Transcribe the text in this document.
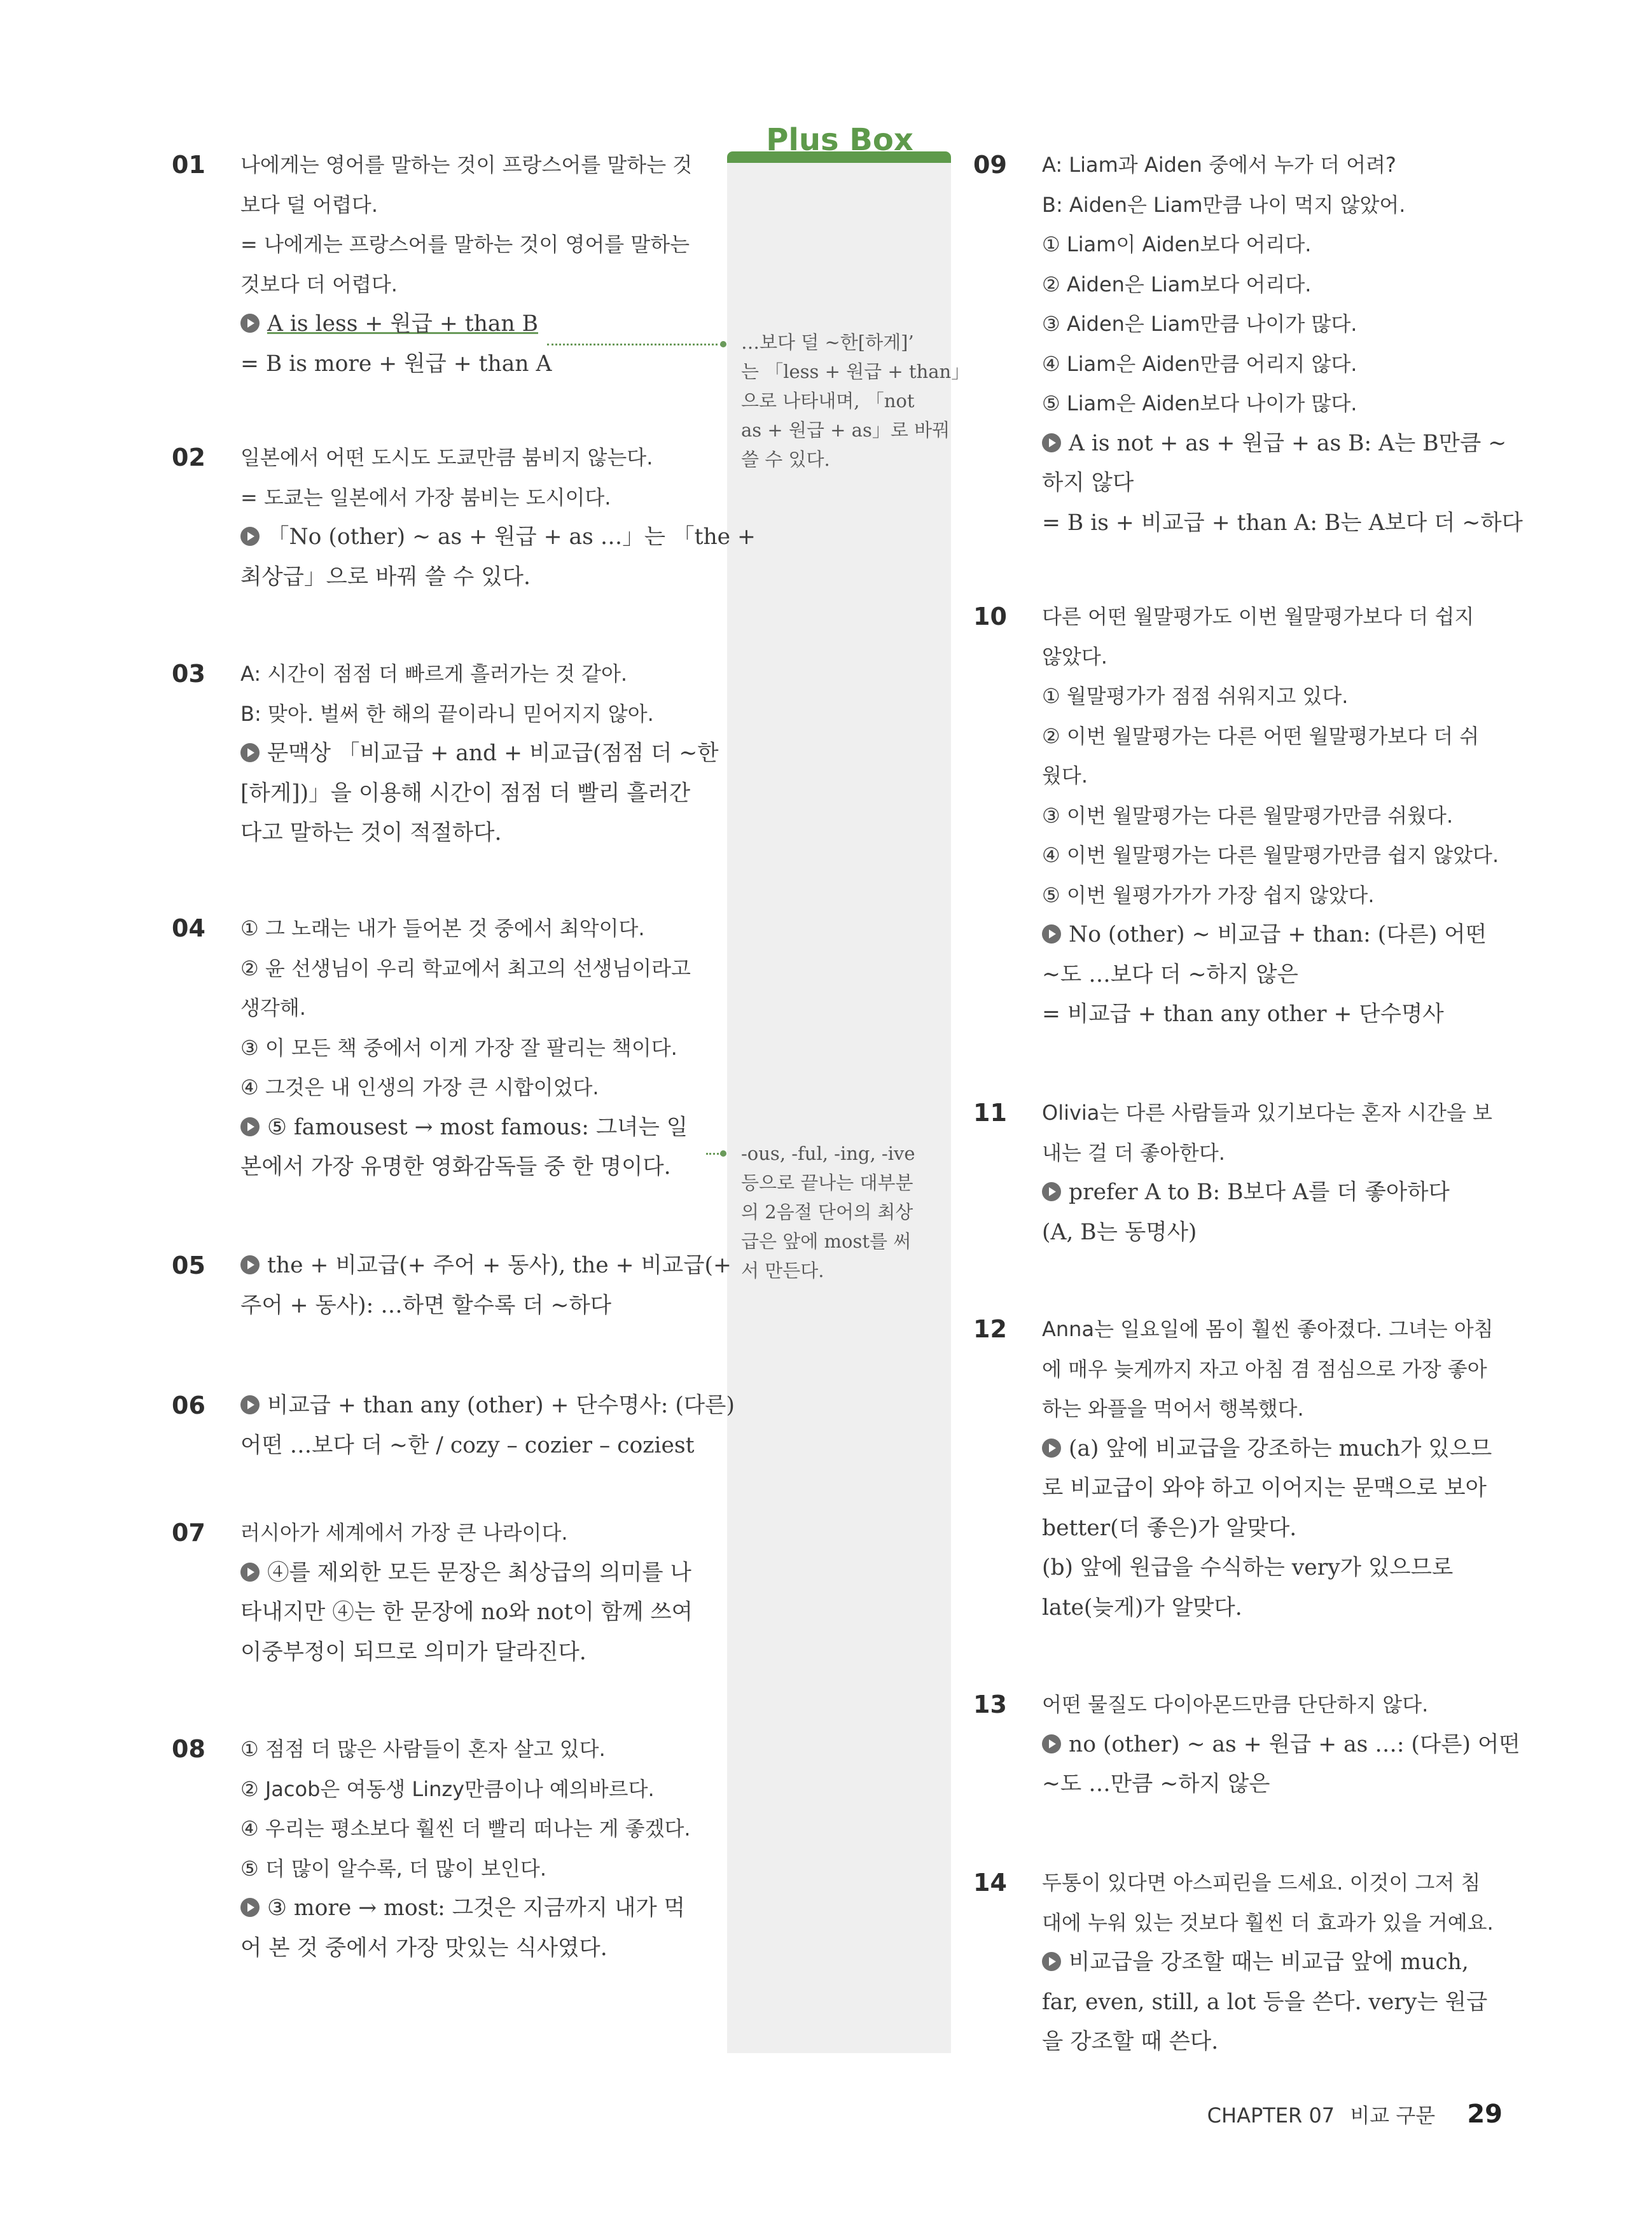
Plus Box
…보다 덜 ~한[하게]’
는 「less + 원급 + than」
으로 나타내며, 「not
as + 원급 + as」로 바꿔
쓸 수 있다.
-ous, -ful, -ing, -ive
등으로 끝나는 대부분
의 2음절 단어의 최상
급은 앞에 most를 써
서 만든다.
CHAPTER 07 비교 구문 29
01 나에게는 영어를 말하는 것이 프랑스어를 말하는 것
보다 덜 어렵다.
= 나에게는 프랑스어를 말하는 것이 영어를 말하는
것보다 더 어렵다.
A is less + 원급 + than B
= B is more + 원급 + than A
02 일본에서 어떤 도시도 도쿄만큼 붐비지 않는다.
= 도쿄는 일본에서 가장 붐비는 도시이다.
「No (other) ~ as + 원급 + as …」는 「the +
최상급」으로 바꿔 쓸 수 있다.
03 A: 시간이 점점 더 빠르게 흘러가는 것 같아.
B: 맞아. 벌써 한 해의 끝이라니 믿어지지 않아.
문맥상 「비교급 + and + 비교급(점점 더 ~한
[하게])」을 이용해 시간이 점점 더 빨리 흘러간
다고 말하는 것이 적절하다.
04 ① 그 노래는 내가 들어본 것 중에서 최악이다.
② 윤 선생님이 우리 학교에서 최고의 선생님이라고
생각해.
③ 이 모든 책 중에서 이게 가장 잘 팔리는 책이다.
④ 그것은 내 인생의 가장 큰 시합이었다.
⑤ famousest → most famous: 그녀는 일
본에서 가장 유명한 영화감독들 중 한 명이다.
05	the + 비교급(+ 주어 + 동사), the + 비교급(+
주어 + 동사): …하면 할수록 더 ~하다
06	비교급 + than any (other) + 단수명사: (다른)
어떤 …보다 더 ~한 / cozy – cozier – coziest
07 러시아가 세계에서 가장 큰 나라이다.
④를 제외한 모든 문장은 최상급의 의미를 나
타내지만 ④는 한 문장에 no와 not이 함께 쓰여
이중부정이 되므로 의미가 달라진다.
08 ① 점점 더 많은 사람들이 혼자 살고 있다.
② Jacob은 여동생 Linzy만큼이나 예의바르다.
④ 우리는 평소보다 훨씬 더 빨리 떠나는 게 좋겠다.
⑤ 더 많이 알수록, 더 많이 보인다.
③ more → most: 그것은 지금까지 내가 먹
어 본 것 중에서 가장 맛있는 식사였다.
09 A: Liam과 Aiden 중에서 누가 더 어려?
B: Aiden은 Liam만큼 나이 먹지 않았어.
① Liam이 Aiden보다 어리다.
② Aiden은 Liam보다 어리다.
③ Aiden은 Liam만큼 나이가 많다.
④ Liam은 Aiden만큼 어리지 않다.
⑤ Liam은 Aiden보다 나이가 많다.
A is not + as + 원급 + as B: A는 B만큼 ~
하지 않다
= B is + 비교급 + than A: B는 A보다 더 ~하다
10 다른 어떤 월말평가도 이번 월말평가보다 더 쉽지
않았다.
① 월말평가가 점점 쉬워지고 있다.
② 이번 월말평가는 다른 어떤 월말평가보다 더 쉬
웠다.
③ 이번 월말평가는 다른 월말평가만큼 쉬웠다.
④ 이번 월말평가는 다른 월말평가만큼 쉽지 않았다.
⑤ 이번 월평가가가 가장 쉽지 않았다.
No (other) ~ 비교급 + than: (다른) 어떤
~도 …보다 더 ~하지 않은
= 비교급 + than any other + 단수명사
11 Olivia는 다른 사람들과 있기보다는 혼자 시간을 보
내는 걸 더 좋아한다.
prefer A to B: B보다 A를 더 좋아하다
(A, B는 동명사)
12 Anna는 일요일에 몸이 훨씬 좋아졌다. 그녀는 아침
에 매우 늦게까지 자고 아침 겸 점심으로 가장 좋아
하는 와플을 먹어서 행복했다.
(a) 앞에 비교급을 강조하는 much가 있으므
로 비교급이 와야 하고 이어지는 문맥으로 보아
better(더 좋은)가 알맞다.
(b) 앞에 원급을 수식하는 very가 있으므로
late(늦게)가 알맞다.
13 어떤 물질도 다이아몬드만큼 단단하지 않다.
no (other) ~ as + 원급 + as …: (다른) 어떤
~도 …만큼 ~하지 않은
14 두통이 있다면 아스피린을 드세요. 이것이 그저 침
대에 누워 있는 것보다 훨씬 더 효과가 있을 거예요.
비교급을 강조할 때는 비교급 앞에 much,
far, even, still, a lot 등을 쓴다. very는 원급
을 강조할 때 쓴다.
